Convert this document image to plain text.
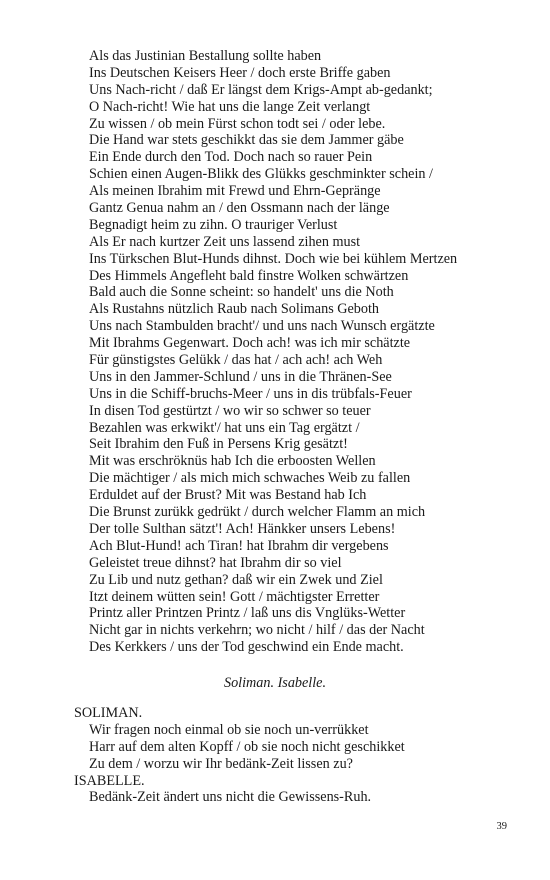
Als das Justinian Bestallung sollte haben
Ins Deutschen Keisers Heer / doch erste Briffe gaben
Uns Nach-richt / daß Er längst dem Krigs-Ampt ab-gedankt;
O Nach-richt! Wie hat uns die lange Zeit verlangt
Zu wissen / ob mein Fürst schon todt sei / oder lebe.
Die Hand war stets geschikkt das sie dem Jammer gäbe
Ein Ende durch den Tod. Doch nach so rauer Pein
Schien einen Augen-Blikk des Glükks geschminkter schein /
Als meinen Ibrahim mit Frewd und Ehrn-Gepränge
Gantz Genua nahm an / den Ossmann nach der länge
Begnadigt heim zu zihn. O trauriger Verlust
Als Er nach kurtzer Zeit uns lassend zihen must
Ins Türkschen Blut-Hunds dihnst. Doch wie bei kühlem Mertzen
Des Himmels Angefleht bald finstre Wolken schwärtzen
Bald auch die Sonne scheint: so handelt' uns die Noth
Als Rustahns nützlich Raub nach Solimans Geboth
Uns nach Stambulden bracht'/ und uns nach Wunsch ergätzte
Mit Ibrahms Gegenwart. Doch ach! was ich mir schätzte
Für günstigstes Gelükk / das hat / ach ach! ach Weh
Uns in den Jammer-Schlund / uns in die Thränen-See
Uns in die Schiff-bruchs-Meer / uns in dis trübfals-Feuer
In disen Tod gestürtzt / wo wir so schwer so teuer
Bezahlen was erkwikt'/ hat uns ein Tag ergätzt /
Seit Ibrahim den Fuß in Persens Krig gesätzt!
Mit was erschröknüs hab Ich die erboosten Wellen
Die mächtiger / als mich mich schwaches Weib zu fallen
Erduldet auf der Brust? Mit was Bestand hab Ich
Die Brunst zurükk gedrükt / durch welcher Flamm an mich
Der tolle Sulthan sätzt'! Ach! Hänkker unsers Lebens!
Ach Blut-Hund! ach Tiran! hat Ibrahm dir vergebens
Geleistet treue dihnst? hat Ibrahm dir so viel
Zu Lib und nutz gethan? daß wir ein Zwek und Ziel
Itzt deinem wütten sein! Gott / mächtigster Erretter
Printz aller Printzen Printz / laß uns dis Vnglüks-Wetter
Nicht gar in nichts verkehrn; wo nicht / hilf / das der Nacht
Des Kerkkers / uns der Tod geschwind ein Ende macht.
Soliman. Isabelle.
SOLIMAN.
Wir fragen noch einmal ob sie noch un-verrükket
Harr auf dem alten Kopff / ob sie noch nicht geschikket
Zu dem / worzu wir Ihr bedänk-Zeit lissen zu?
ISABELLE.
Bedänk-Zeit ändert uns nicht die Gewissens-Ruh.
39
